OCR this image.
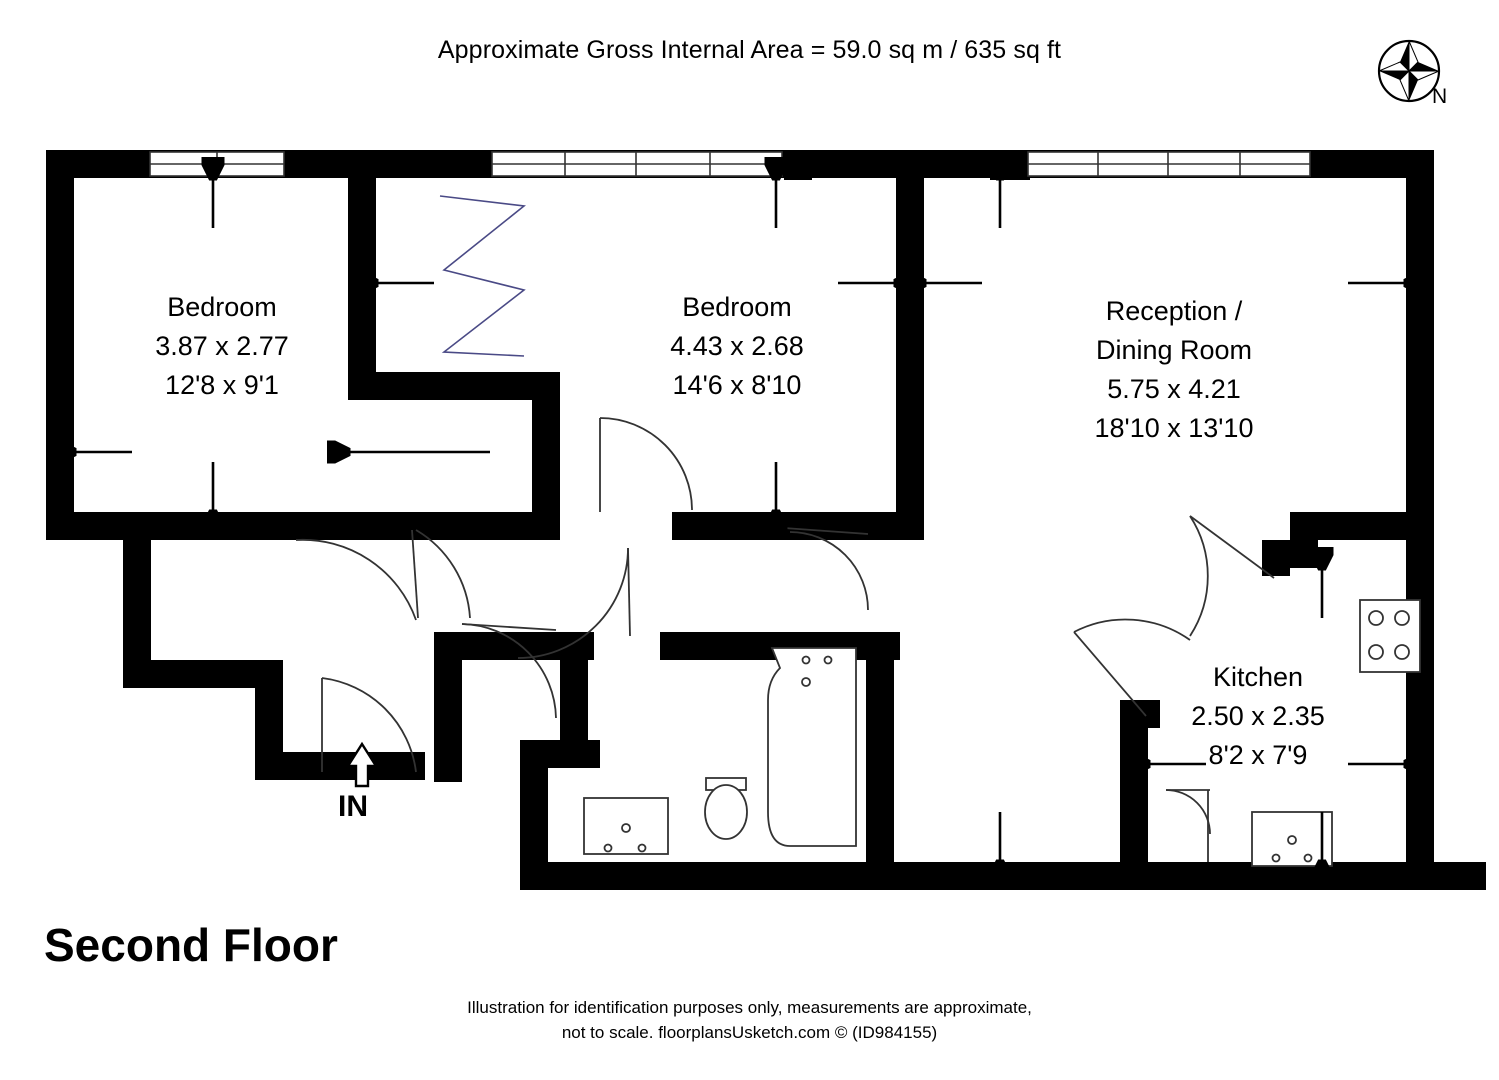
Approximate Gross Internal Area = 59.0 sq m / 635 sq ft
N
Bedroom
3.87 x 2.77
12'8 x 9'1
Bedroom
4.43 x 2.68
14'6 x 8'10
Reception /
Dining Room
5.75 x 4.21
18'10 x 13'10
Kitchen
2.50 x 2.35
8'2 x 7'9
IN
Second Floor
Illustration for identification purposes only, measurements are approximate,
not to scale. floorplansUsketch.com © (ID984155)
